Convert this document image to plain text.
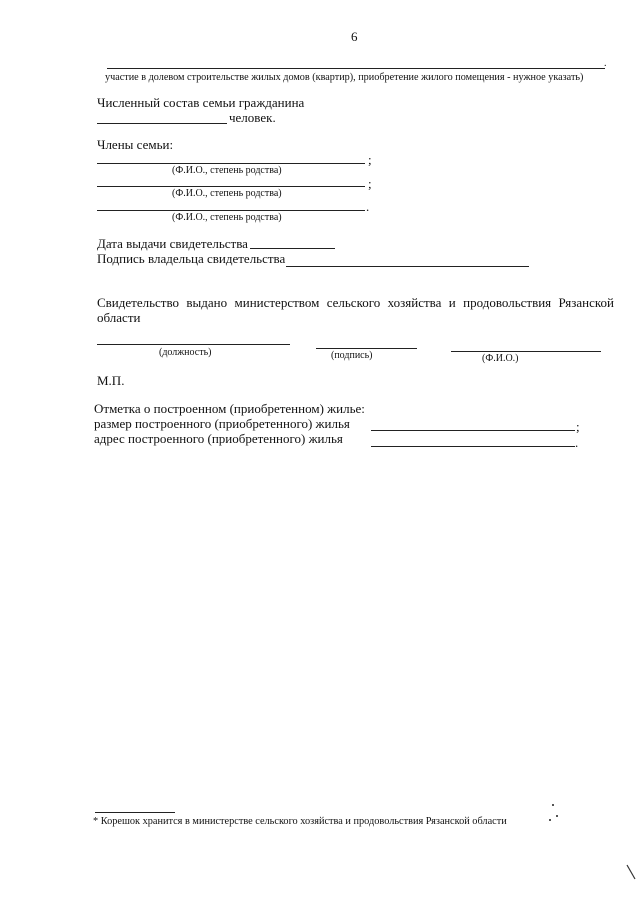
6
.
участие в долевом строительстве жилых домов (квартир), приобретение жилого помещения - нужное указать)
Численный состав семьи гражданина
человек.
Члены семьи:
;
(Ф.И.О., степень родства)
;
(Ф.И.О., степень родства)
.
(Ф.И.О., степень родства)
Дата выдачи свидетельства
Подпись владельца свидетельства
Свидетельство выдано министерством сельского хозяйства и продовольствия Рязанской области
(должность)	(подпись)	(Ф.И.О.)
М.П.
Отметка о построенном (приобретенном) жилье:
размер построенного (приобретенного) жилья	;
адрес построенного (приобретенного) жилья	.
* Корешок хранится в министерстве сельского хозяйства и продовольствия Рязанской области
